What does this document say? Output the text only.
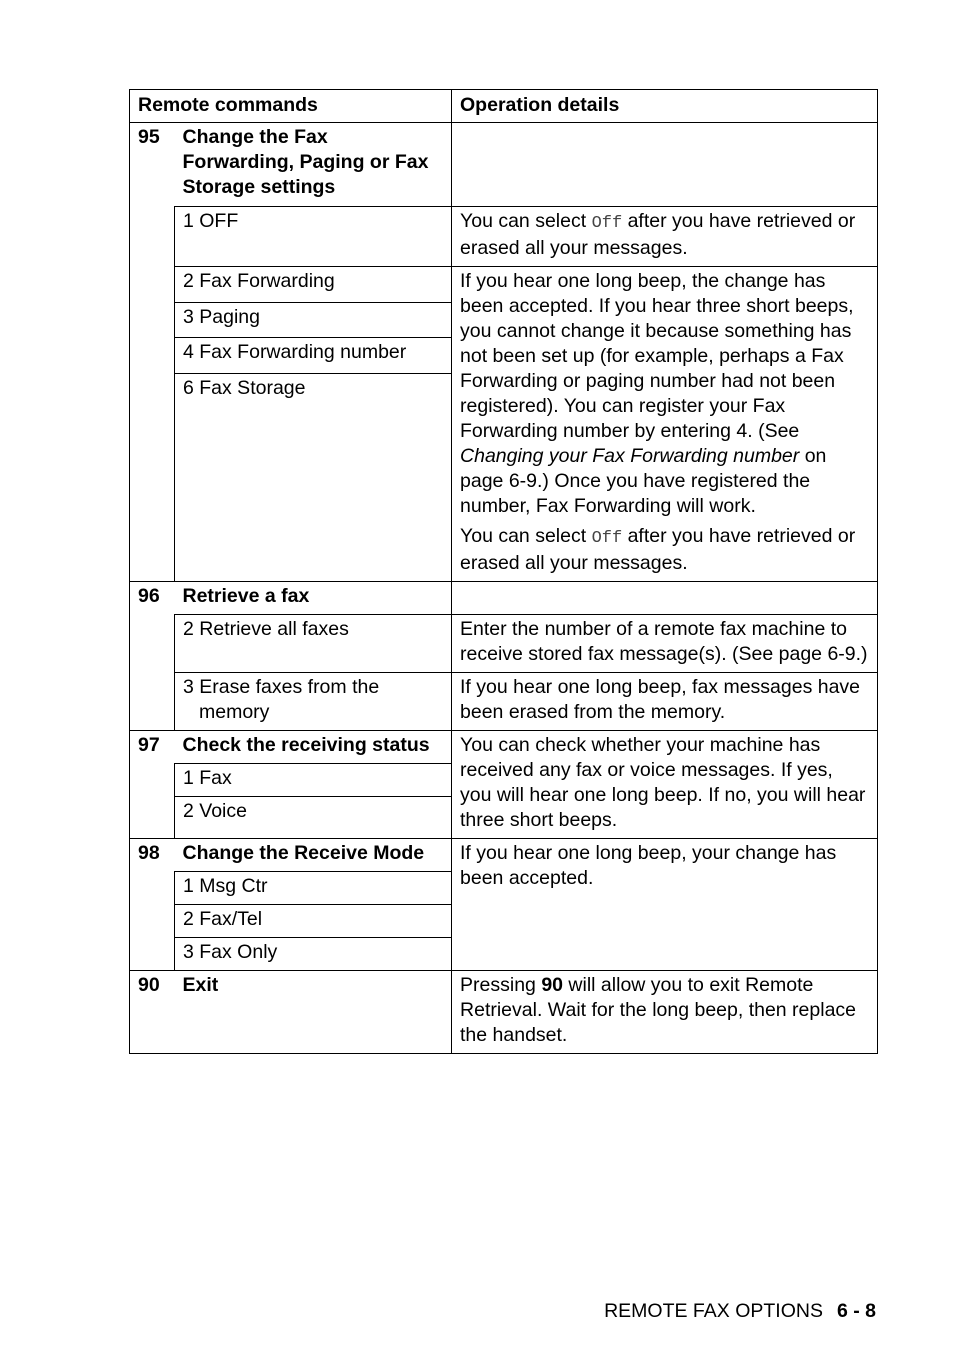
Remote commands		Operation details
95	Change the Fax Forwarding, Paging or Fax Storage settings	
	1 OFF	You can select Off after you have retrieved or erased all your messages.
	2 Fax Forwarding	If you hear one long beep, the change has been accepted. If you hear three short beeps, you cannot change it because something has not been set up (for example, perhaps a Fax Forwarding or paging number had not been registered). You can register your Fax Forwarding number by entering 4. (See Changing your Fax Forwarding number on page 6-9.) Once you have registered the number, Fax Forwarding will work.
You can select Off after you have retrieved or erased all your messages.

	3 Paging	
	4 Fax Forwarding number	
	6 Fax Storage	
96	Retrieve a fax	
	2 Retrieve all faxes	Enter the number of a remote fax machine to receive stored fax message(s). (See page 6-9.)
	3 Erase faxes from the
memory	If you hear one long beep, fax messages have been erased from the memory.
97	Check the receiving status	You can check whether your machine has received any fax or voice messages. If yes, you will hear one long beep. If no, you will hear three short beeps.
	1 Fax	
	2 Voice	
98	Change the Receive Mode	If you hear one long beep, your change has been accepted.
	1 Msg Ctr	
	2 Fax/Tel	
	3 Fax Only	
90	Exit	Pressing 90 will allow you to exit Remote Retrieval. Wait for the long beep, then replace the handset.
REMOTE FAX OPTIONS 6 - 8
